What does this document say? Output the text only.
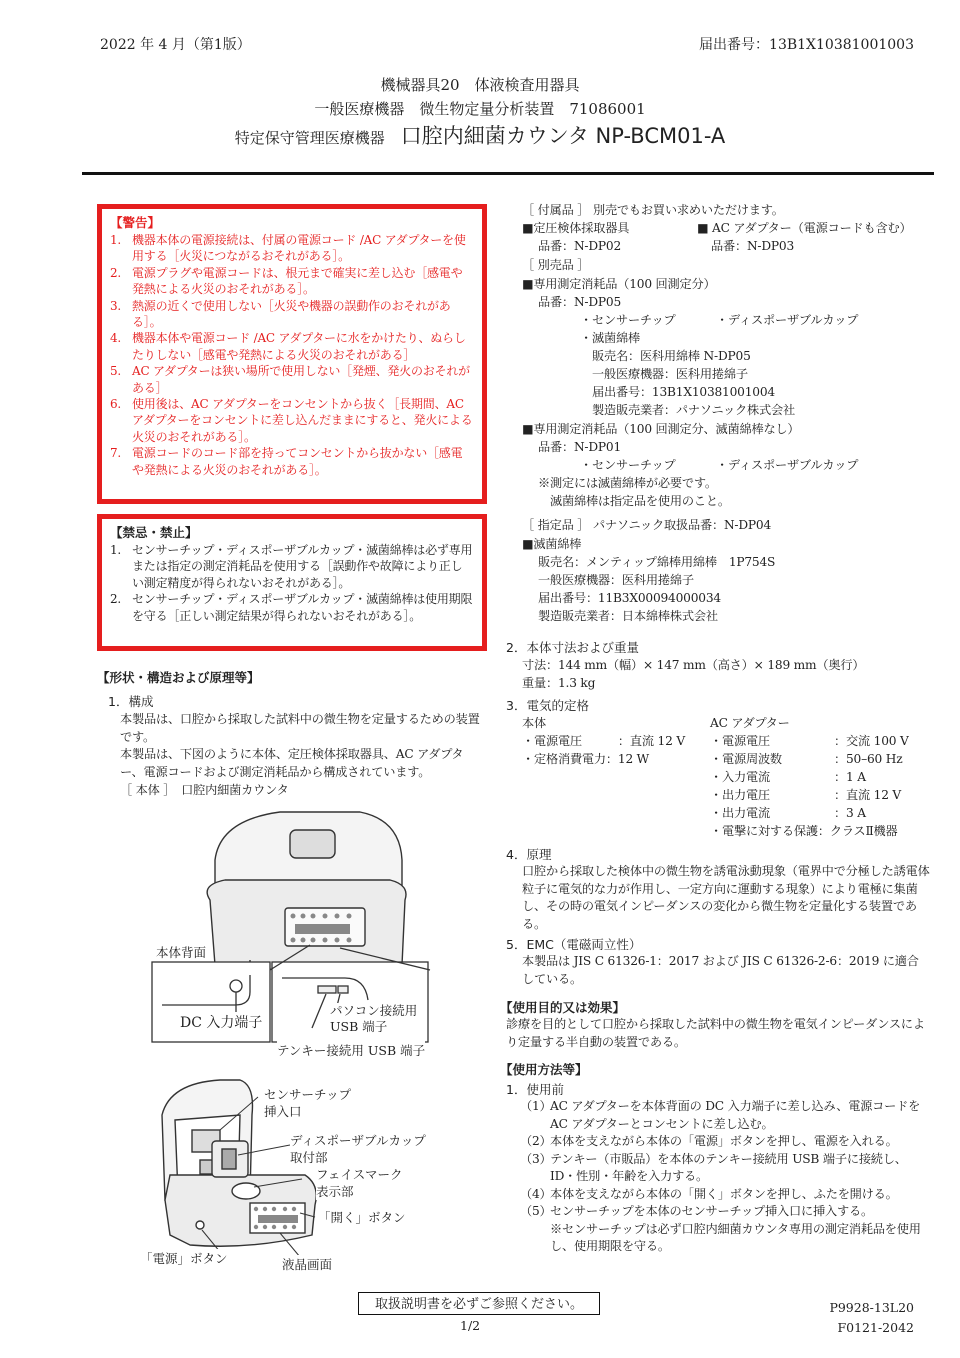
2022 年 4 月（第1版）	届出番号：13B1X10381001003
機械器具20　体液検査用器具
一般医療機器　微生物定量分析装置　71086001
特定保守管理医療機器 口腔内細菌カウンタ NP-BCM01-A
【警告】
1. 機器本体の電源接続は、付属の電源コード /AC アダプターを使用する［火災につながるおそれがある］。
2. 電源プラグや電源コードは、根元まで確実に差し込む［感電や発熱による火災のおそれがある］。
3. 熱源の近くで使用しない［火災や機器の誤動作のおそれがある］。
4. 機器本体や電源コード /AC アダプターに水をかけたり、ぬらしたりしない［感電や発熱による火災のおそれがある］
5. AC アダプターは狭い場所で使用しない［発煙、発火のおそれがある］
6. 使用後は、AC アダプターをコンセントから抜く［長期間、AC アダプターをコンセントに差し込んだままにすると、発火による火災のおそれがある］。
7. 電源コードのコード部を持ってコンセントから抜かない［感電や発熱による火災のおそれがある］。
【禁忌・禁止】
1. センサーチップ・ディスポーザブルカップ・滅菌綿棒は必ず専用または指定の測定消耗品を使用する［誤動作や故障により正しい測定精度が得られないおそれがある］。
2. センサーチップ・ディスポーザブルカップ・滅菌綿棒は使用期限を守る［正しい測定結果が得られないおそれがある］。
【形状・構造および原理等】
1．構成
本製品は、口腔から採取した試料中の微生物を定量するための装置です。
本製品は、下図のように本体、定圧検体採取器具、AC アダプター、電源コードおよび測定消耗品から構成されています。
［ 本体 ］　口腔内細菌カウンタ
本体背面
DC 入力端子
パソコン接続用
USB 端子
テンキー接続用 USB 端子
センサーチップ
挿入口
ディスポーザブルカップ
取付部
フェイスマーク
表示部
「開く」ボタン
「電源」ボタン	液晶画面
［ 付属品 ］ 別売でもお買い求めいただけます。
■定圧検体採取器具
品番：N-DP02
■ AC アダプター（電源コードも含む）
品番：N-DP03
［ 別売品 ］
■専用測定消耗品（100 回測定分）
品番：N-DP05
・センサーチップ	・ディスポーザブルカップ
・滅菌綿棒
販売名：医科用綿棒 N-DP05
一般医療機器：医科用捲綿子
届出番号：13B1X10381001004
製造販売業者：パナソニック株式会社
■専用測定消耗品（100 回測定分、滅菌綿棒なし）
品番：N-DP01
・センサーチップ	・ディスポーザブルカップ
※測定には滅菌綿棒が必要です。
滅菌綿棒は指定品を使用のこと。
［ 指定品 ］ パナソニック取扱品番：N-DP04
■滅菌綿棒
販売名：メンティップ綿棒用綿棒　1P754S
一般医療機器：医科用捲綿子
届出番号：11B3X00094000034
製造販売業者：日本綿棒株式会社
2．本体寸法および重量
寸法：144 mm（幅）× 147 mm（高さ）× 189 mm（奥行）
重量：1.3 kg
3．電気的定格
本体	AC アダプター
・電源電圧　　　：直流 12 V
・定格消費電力：12 W
・電源電圧	：交流 100 V
・電源周波数	：50–60 Hz
・入力電流	：1 A
・出力電圧	：直流 12 V
・出力電流	：3 A
・電撃に対する保護：クラスⅡ機器
4．原理
口腔から採取した検体中の微生物を誘電泳動現象（電界中で分極した誘電体粒子に電気的な力が作用し、一定方向に運動する現象）により電極に集菌し、その時の電気インピーダンスの変化から微生物を定量化する装置である。
5．EMC（電磁両立性）
本製品は JIS C 61326-1：2017 および JIS C 61326-2-6：2019 に適合している。
【使用目的又は効果】
診療を目的として口腔から採取した試料中の微生物を電気インピーダンスにより定量する半自動の装置である。
【使用方法等】
1．使用前
（1）
AC アダプターを本体背面の DC 入力端子に差し込み、電源コードを AC アダプターとコンセントに差し込む。
（2）
本体を支えながら本体の「電源」ボタンを押し、電源を入れる。
（3）
テンキー（市販品）を本体のテンキー接続用 USB 端子に接続し、ID・性別・年齢を入力する。
（4）
本体を支えながら本体の「開く」ボタンを押し、ふたを開ける。
（5）
センサーチップを本体のセンサーチップ挿入口に挿入する。
※センサーチップは必ず口腔内細菌カウンタ専用の測定消耗品を使用し、使用期限を守る。
取扱説明書を必ずご参照ください。
1/2
P9928-13L20
F0121-2042
